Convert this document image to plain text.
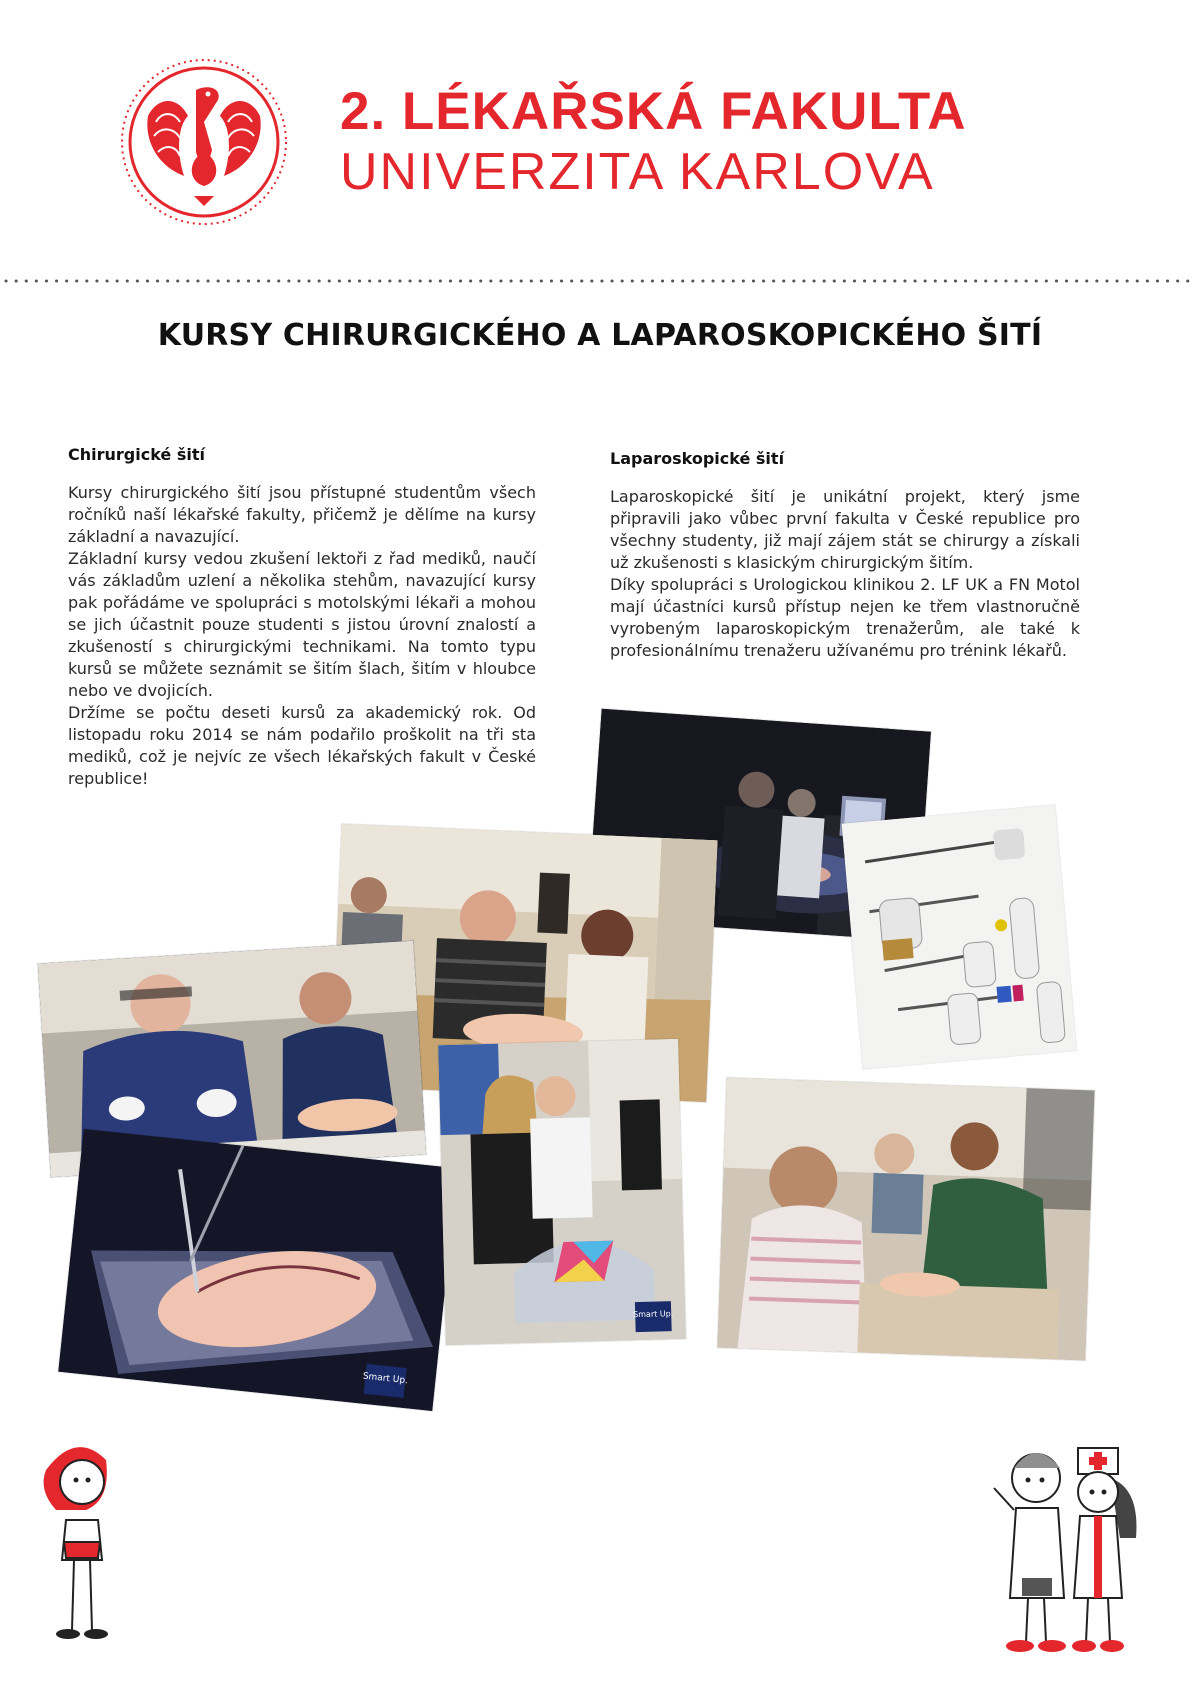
2. LÉKAŘSKÁ FAKULTA
UNIVERZITA KARLOVA
KURSY CHIRURGICKÉHO A LAPAROSKOPICKÉHO ŠITÍ
Chirurgické šití

Kursy chirurgického šití jsou přístupné studentům všech ročníků naší lékařské fakulty, přičemž je dělíme na kursy základní a navazující.

Základní kursy vedou zkušení lektoři z řad mediků, naučí vás základům uzlení a několika stehům, navazující kursy pak pořádáme ve spolupráci s motolskými lékaři a mohou se jich účastnit pouze studenti s jistou úrovní znalostí a zkušeností s chirurgickými technikami. Na tomto typu kursů se můžete seznámit se šitím šlach, šitím v hloubce nebo ve dvojicích.

Držíme se počtu deseti kursů za akademický rok. Od listopadu roku 2014 se nám podařilo proškolit na tři sta mediků, což je nejvíc ze všech lékařských fakult v České republice!

Laparoskopické šití

Laparoskopické šití je unikátní projekt, který jsme připravili jako vůbec první fakulta v České republice pro všechny studenty, již mají zájem stát se chirurgy a získali už zkušenosti s klasickým chirurgickým šitím.

Díky spolupráci s Urologickou klinikou 2. LF UK a FN Motol mají účastníci kursů přístup nejen ke třem vlastnoručně vyrobeným laparoskopickým trenažerům, ale také k profesionálnímu trenažeru užívanému pro trénink lékařů.

Smart Up.
Smart Up.
